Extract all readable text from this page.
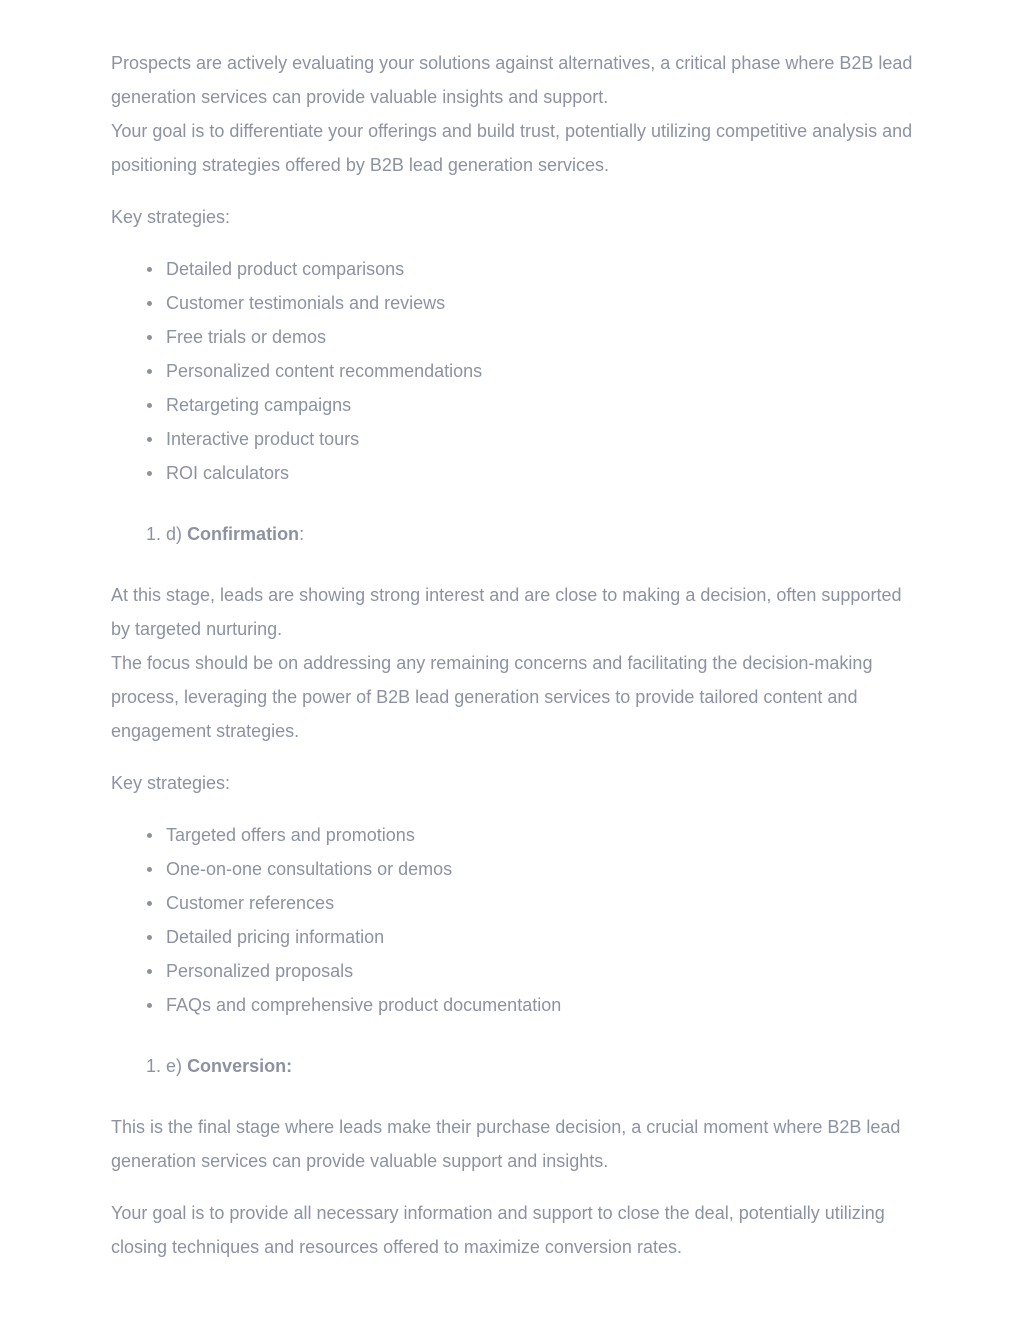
Prospects are actively evaluating your solutions against alternatives, a critical phase where B2B lead generation services can provide valuable insights and support.

Your goal is to differentiate your offerings and build trust, potentially utilizing competitive analysis and positioning strategies offered by B2B lead generation services.

Key strategies:

Detailed product comparisons
Customer testimonials and reviews
Free trials or demos
Personalized content recommendations
Retargeting campaigns
Interactive product tours
ROI calculators
1. d) Confirmation:

At this stage, leads are showing strong interest and are close to making a decision, often supported by targeted nurturing.

The focus should be on addressing any remaining concerns and facilitating the decision-making process, leveraging the power of B2B lead generation services to provide tailored content and engagement strategies.

Key strategies:

Targeted offers and promotions
One-on-one consultations or demos
Customer references
Detailed pricing information
Personalized proposals
FAQs and comprehensive product documentation
1. e) Conversion:

This is the final stage where leads make their purchase decision, a crucial moment where B2B lead generation services can provide valuable support and insights.

Your goal is to provide all necessary information and support to close the deal, potentially utilizing closing techniques and resources offered to maximize conversion rates.
